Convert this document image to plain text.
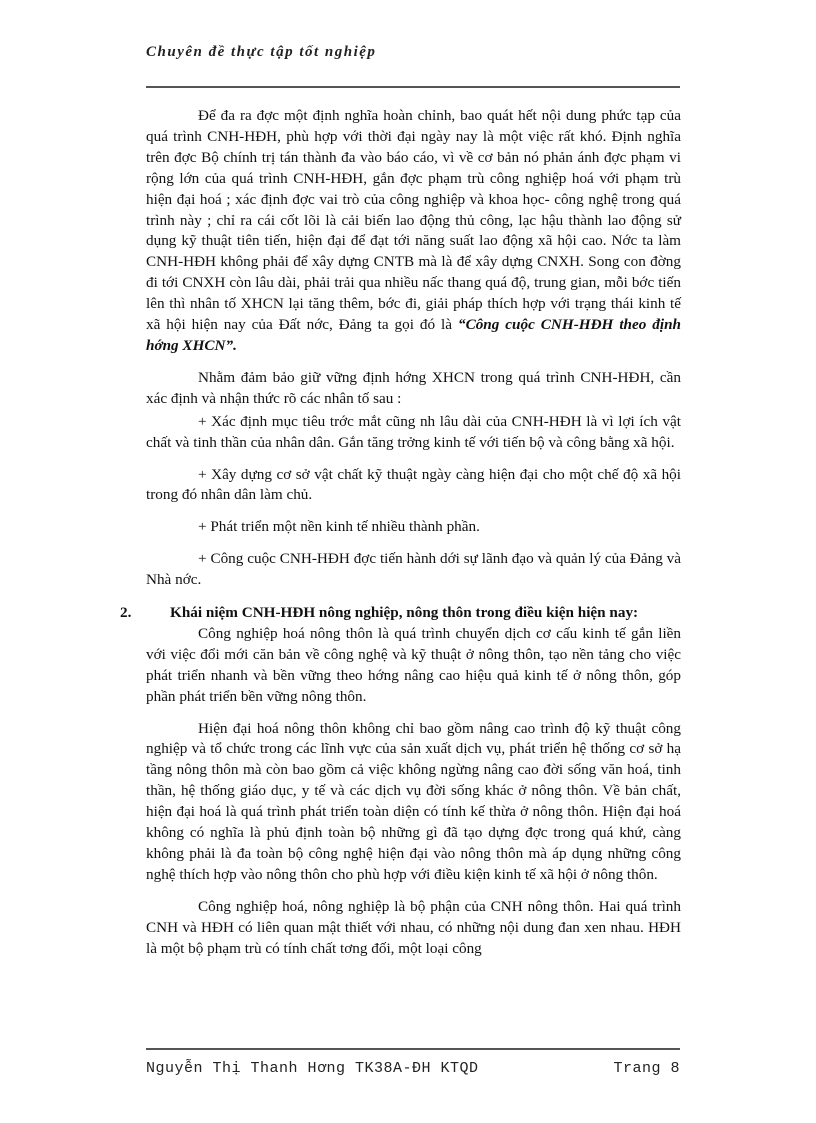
Chuyên đề thực tập tốt nghiệp

Để đa ra đợc một định nghĩa hoàn chỉnh, bao quát hết nội dung phức tạp của quá trình CNH-HĐH, phù hợp với thời đại ngày nay là một việc rất khó. Định nghĩa trên đợc Bộ chính trị tán thành đa vào báo cáo, vì về cơ bản nó phản ánh đợc phạm vi rộng lớn của quá trình CNH-HĐH, gắn đợc phạm trù công nghiệp hoá với phạm trù hiện đại hoá ; xác định đợc vai trò của công nghiệp và khoa học- công nghệ trong quá trình này ; chỉ ra cái cốt lõi là cải biến lao động thủ công, lạc hậu thành lao động sử dụng kỹ thuật tiên tiến, hiện đại để đạt tới năng suất lao động xã hội cao. Nớc ta làm CNH-HĐH không phải để xây dựng CNTB mà là để xây dựng CNXH. Song con đờng đi tới CNXH còn lâu dài, phải trải qua nhiều nấc thang quá độ, trung gian, mỗi bớc tiến lên thì nhân tố XHCN lại tăng thêm, bớc đi, giải pháp thích hợp với trạng thái kinh tế xã hội hiện nay của Đất nớc, Đảng ta gọi đó là “Công cuộc CNH-HĐH theo định hớng XHCN”.

Nhằm đảm bảo giữ vững định hớng XHCN trong quá trình CNH-HĐH, cần xác định và nhận thức rõ các nhân tố sau :

+ Xác định mục tiêu trớc mắt cũng nh lâu dài của CNH-HĐH là vì lợi ích vật chất và tinh thần của nhân dân. Gắn tăng trởng kinh tế với tiến bộ và công bằng xã hội.

+ Xây dựng cơ sở vật chất kỹ thuật ngày càng hiện đại cho một chế độ xã hội trong đó nhân dân làm chủ.

+ Phát triển một nền kinh tế nhiều thành phần.

+ Công cuộc CNH-HĐH đợc tiến hành dới sự lãnh đạo và quản lý của Đảng và Nhà nớc.

2.	Khái niệm CNH-HĐH nông nghiệp, nông thôn trong điều kiện hiện nay:

Công nghiệp hoá nông thôn là quá trình chuyển dịch cơ cấu kinh tế gắn liền với việc đổi mới căn bản về công nghệ và kỹ thuật ở nông thôn, tạo nền tảng cho việc phát triển nhanh và bền vững theo hớng nâng cao hiệu quả kinh tế ở nông thôn, góp phần phát triển bền vững nông thôn.

Hiện đại hoá nông thôn không chỉ bao gồm nâng cao trình độ kỹ thuật công nghiệp và tổ chức trong các lĩnh vực của sản xuất dịch vụ, phát triển hệ thống cơ sở hạ tầng nông thôn mà còn bao gồm cả việc không ngừng nâng cao đời sống văn hoá, tinh thần, hệ thống giáo dục, y tế và các dịch vụ đời sống khác ở nông thôn. Về bản chất, hiện đại hoá là quá trình phát triển toàn diện có tính kế thừa ở nông thôn. Hiện đại hoá không có nghĩa là phủ định toàn bộ những gì đã tạo dựng đợc trong quá khứ, càng không phải là đa toàn bộ công nghệ hiện đại vào nông thôn mà áp dụng những công nghệ thích hợp vào nông thôn cho phù hợp với điều kiện kinh tế xã hội ở nông thôn.

Công nghiệp hoá, nông nghiệp là bộ phận của CNH nông thôn. Hai quá trình CNH và HĐH có liên quan mật thiết với nhau, có những nội dung đan xen nhau. HĐH là một bộ phạm trù có tính chất tơng đối, một loại công

Nguyễn Thị Thanh Hơng TK38A-ĐH KTQD	Trang 8
